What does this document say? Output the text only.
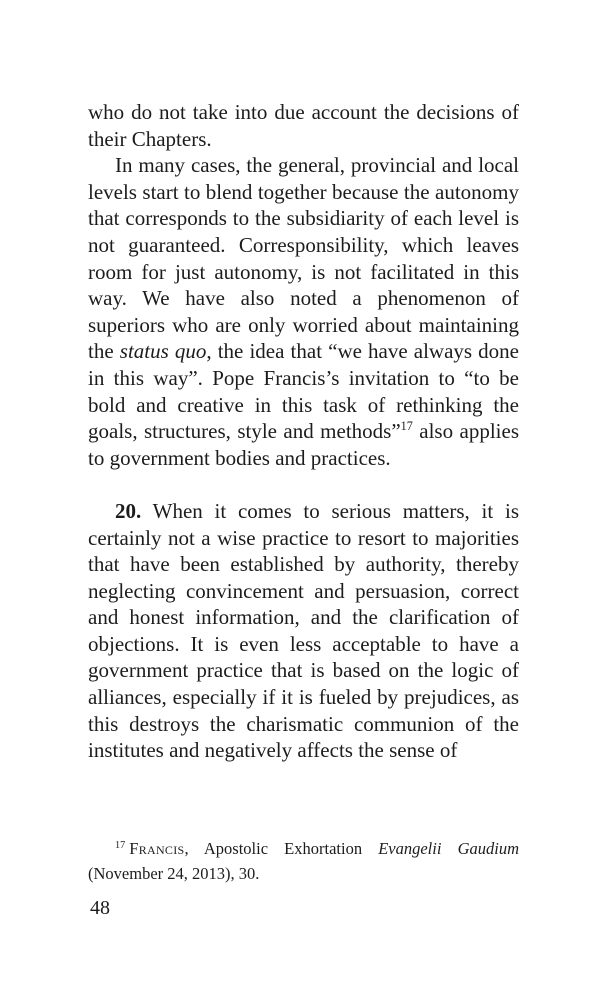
who do not take into due account the decisions of their Chapters.

In many cases, the general, provincial and local levels start to blend together because the autonomy that corresponds to the subsidiarity of each level is not guaranteed. Corresponsibility, which leaves room for just autonomy, is not facilitated in this way. We have also noted a phenomenon of superiors who are only worried about maintaining the status quo, the idea that “we have always done in this way”. Pope Francis’s invitation to “to be bold and creative in this task of rethinking the goals, structures, style and methods”$^{17}$ also applies to government bodies and practices.

20. When it comes to serious matters, it is certainly not a wise practice to resort to majorities that have been established by authority, thereby neglecting convincement and persuasion, correct and honest information, and the clarification of objections. It is even less acceptable to have a government practice that is based on the logic of alliances, especially if it is fueled by prejudices, as this destroys the charismatic communion of the institutes and negatively affects the sense of

$^{17}$ Francis, Apostolic Exhortation Evangelii Gaudium (November 24, 2013), 30.
48
